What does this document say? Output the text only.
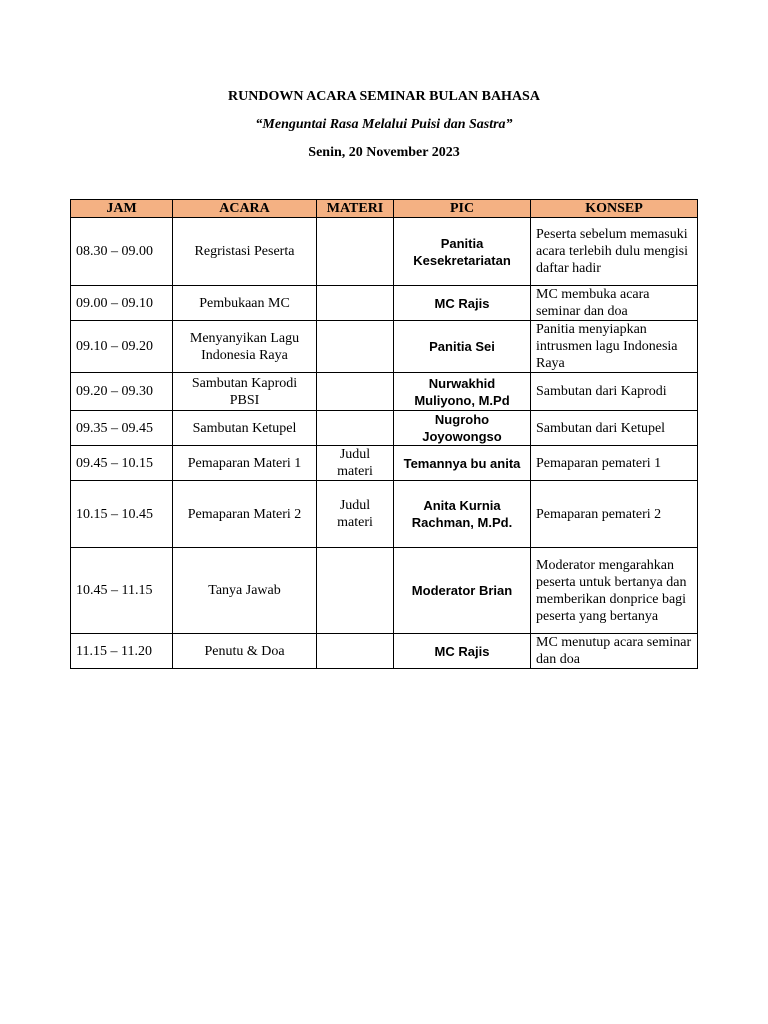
RUNDOWN ACARA SEMINAR BULAN BAHASA
“Menguntai Rasa Melalui Puisi dan Sastra”
Senin, 20 November 2023
JAM	ACARA	MATERI	PIC	KONSEP
08.30 – 09.00	Regristasi Peserta		Panitia Kesekretariatan	Peserta sebelum memasuki acara terlebih dulu mengisi daftar hadir
09.00 – 09.10	Pembukaan MC		MC Rajis	MC membuka acara seminar dan doa
09.10 – 09.20	Menyanyikan Lagu Indonesia Raya		Panitia Sei	Panitia menyiapkan intrusmen lagu Indonesia Raya
09.20 – 09.30	Sambutan Kaprodi PBSI		Nurwakhid Muliyono, M.Pd	Sambutan dari Kaprodi
09.35 – 09.45	Sambutan Ketupel		Nugroho Joyowongso	Sambutan dari Ketupel
09.45 – 10.15	Pemaparan Materi 1	Judul materi	Temannya bu anita	Pemaparan pemateri 1
10.15 – 10.45	Pemaparan Materi 2	Judul materi	Anita Kurnia Rachman, M.Pd.	Pemaparan pemateri 2
10.45 – 11.15	Tanya Jawab		Moderator Brian	Moderator mengarahkan peserta untuk bertanya dan memberikan donprice bagi peserta yang bertanya
11.15 – 11.20	Penutu & Doa		MC Rajis	MC menutup acara seminar dan doa
